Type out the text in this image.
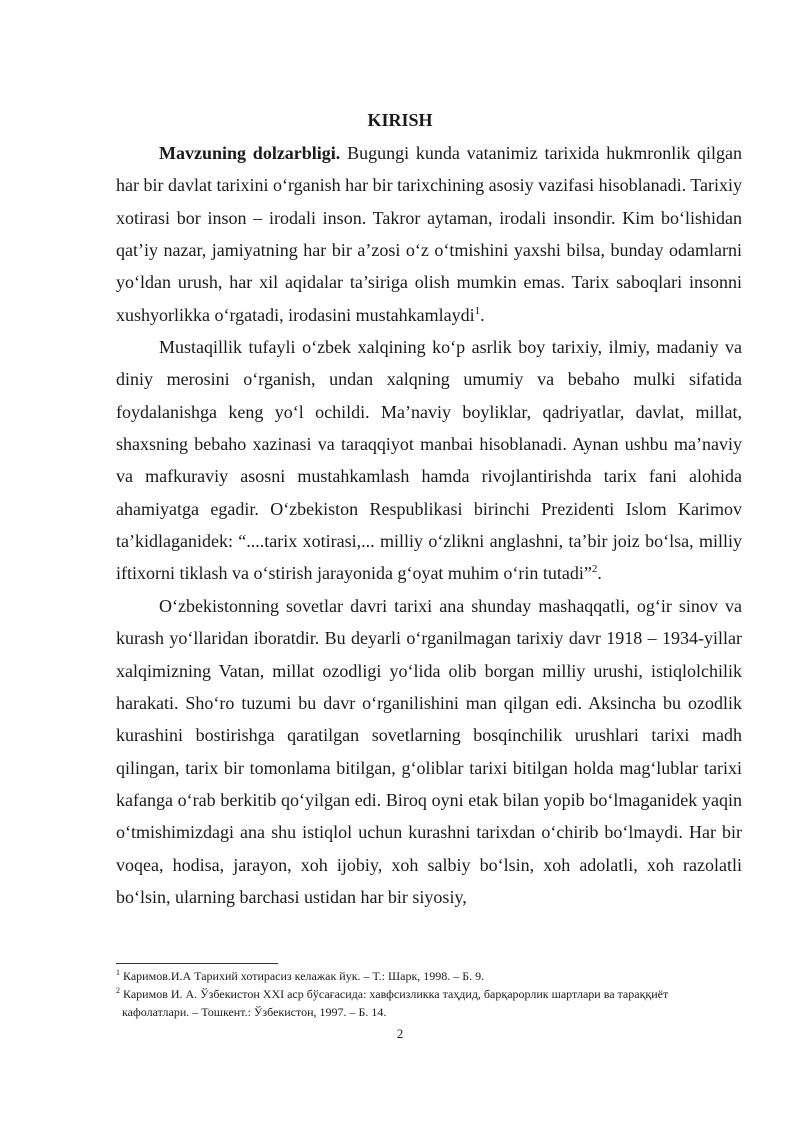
KIRISH

Mavzuning dolzarbligi. Bugungi kunda vatanimiz tarixida hukmronlik qilgan har bir davlat tarixini o‘rganish har bir tarixchining asosiy vazifasi hisoblanadi. Tarixiy xotirasi bor inson – irodali inson. Takror aytaman, irodali insondir. Kim bo‘lishidan qat’iy nazar, jamiyatning har bir a’zosi o‘z o‘tmishini yaxshi bilsa, bunday odamlarni yo‘ldan urush, har xil aqidalar ta’siriga olish mumkin emas. Tarix saboqlari insonni xushyorlikka o‘rgatadi, irodasini mustahkamlaydi$^1$.

Mustaqillik tufayli o‘zbek xalqining ko‘p asrlik boy tarixiy, ilmiy, madaniy va diniy merosini o‘rganish, undan xalqning umumiy va bebaho mulki sifatida foydalanishga keng yo‘l ochildi. Ma’naviy boyliklar, qadriyatlar, davlat, millat, shaxsning bebaho xazinasi va taraqqiyot manbai hisoblanadi. Aynan ushbu ma’naviy va mafkuraviy asosni mustahkamlash hamda rivojlantirishda tarix fani alohida ahamiyatga egadir. O‘zbekiston Respublikasi birinchi Prezidenti Islom Karimov ta’kidlaganidek: “....tarix xotirasi,... milliy o‘zlikni anglashni, ta’bir joiz bo‘lsa, milliy iftixorni tiklash va o‘stirish jarayonida g‘oyat muhim o‘rin tutadi”$^2$.

O‘zbekistonning sovetlar davri tarixi ana shunday mashaqqatli, og‘ir sinov va kurash yo‘llaridan iboratdir. Bu deyarli o‘rganilmagan tarixiy davr 1918 – 1934-yillar xalqimizning Vatan, millat ozodligi yo‘lida olib borgan milliy urushi, istiqlolchilik harakati. Sho‘ro tuzumi bu davr o‘rganilishini man qilgan edi. Aksincha bu ozodlik kurashini bostirishga qaratilgan sovetlarning bosqinchilik urushlari tarixi madh qilingan, tarix bir tomonlama bitilgan, g‘oliblar tarixi bitilgan holda mag‘lublar tarixi kafanga o‘rab berkitib qo‘yilgan edi. Biroq oyni etak bilan yopib bo‘lmaganidek yaqin o‘tmishimizdagi ana shu istiqlol uchun kurashni tarixdan o‘chirib bo‘lmaydi. Har bir voqea, hodisa, jarayon, xoh ijobiy, xoh salbiy bo‘lsin, xoh adolatli, xoh razolatli bo‘lsin, ularning barchasi ustidan har bir siyosiy,

$^1$ Каримов.И.А Тарихий хотирасиз келажак йук. – Т.: Шарк, 1998. – Б. 9.

$^2$ Каримов И. А. Ўзбекистон XXI аср бўсағасида: хавфсизликка таҳдид, барқарорлик шартлари ва тараққиёт

кафолатлари. – Тошкент.: Ўзбекистон, 1997. – Б. 14.

2
